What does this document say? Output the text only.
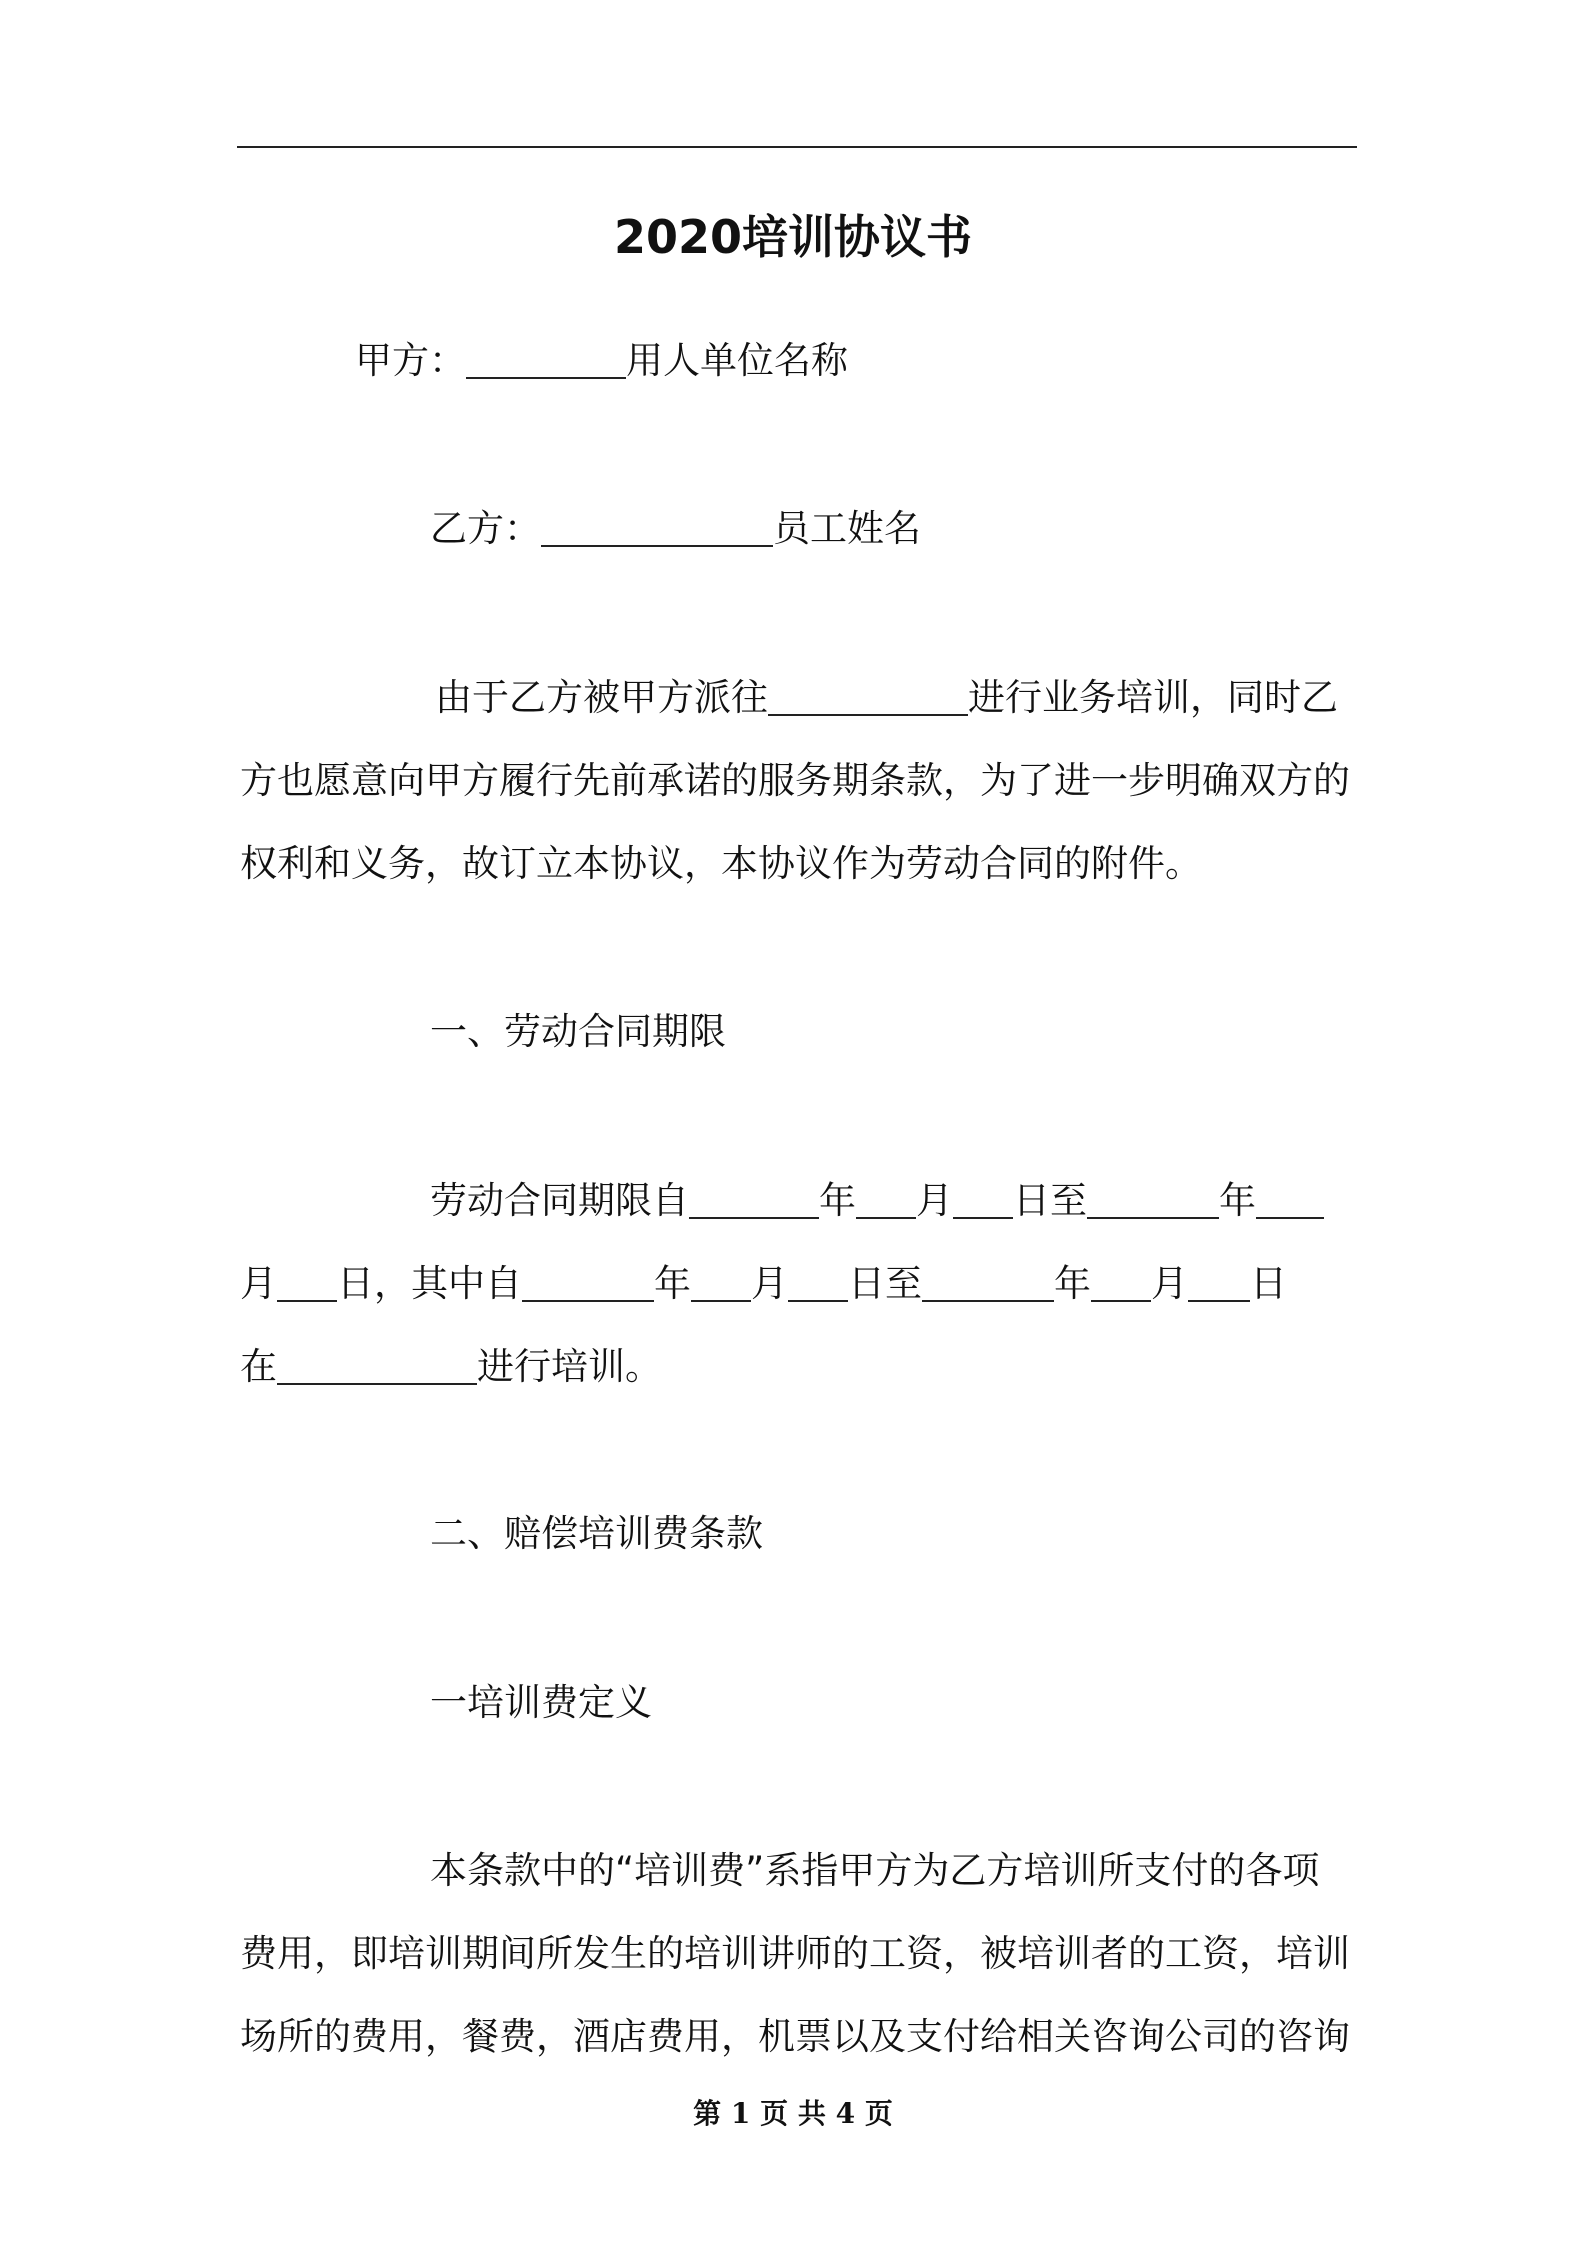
2020培训协议书
甲方：	用人单位名称
乙方：	员工姓名
由于乙方被甲方派往	进行业务培训，同时乙
方也愿意向甲方履行先前承诺的服务期条款，为了进一步明确双方的
权利和义务，故订立本协议，本协议作为劳动合同的附件。
一、劳动合同期限
劳动合同期限自	年 月 日至	年
月 日，其中自	年 月 日至	年 月 日
在	进行培训。
二、赔偿培训费条款
一培训费定义
本条款中的“培训费”系指甲方为乙方培训所支付的各项
费用，即培训期间所发生的培训讲师的工资，被培训者的工资，培训
场所的费用，餐费，酒店费用，机票以及支付给相关咨询公司的咨询
第 1 页 共 4 页
